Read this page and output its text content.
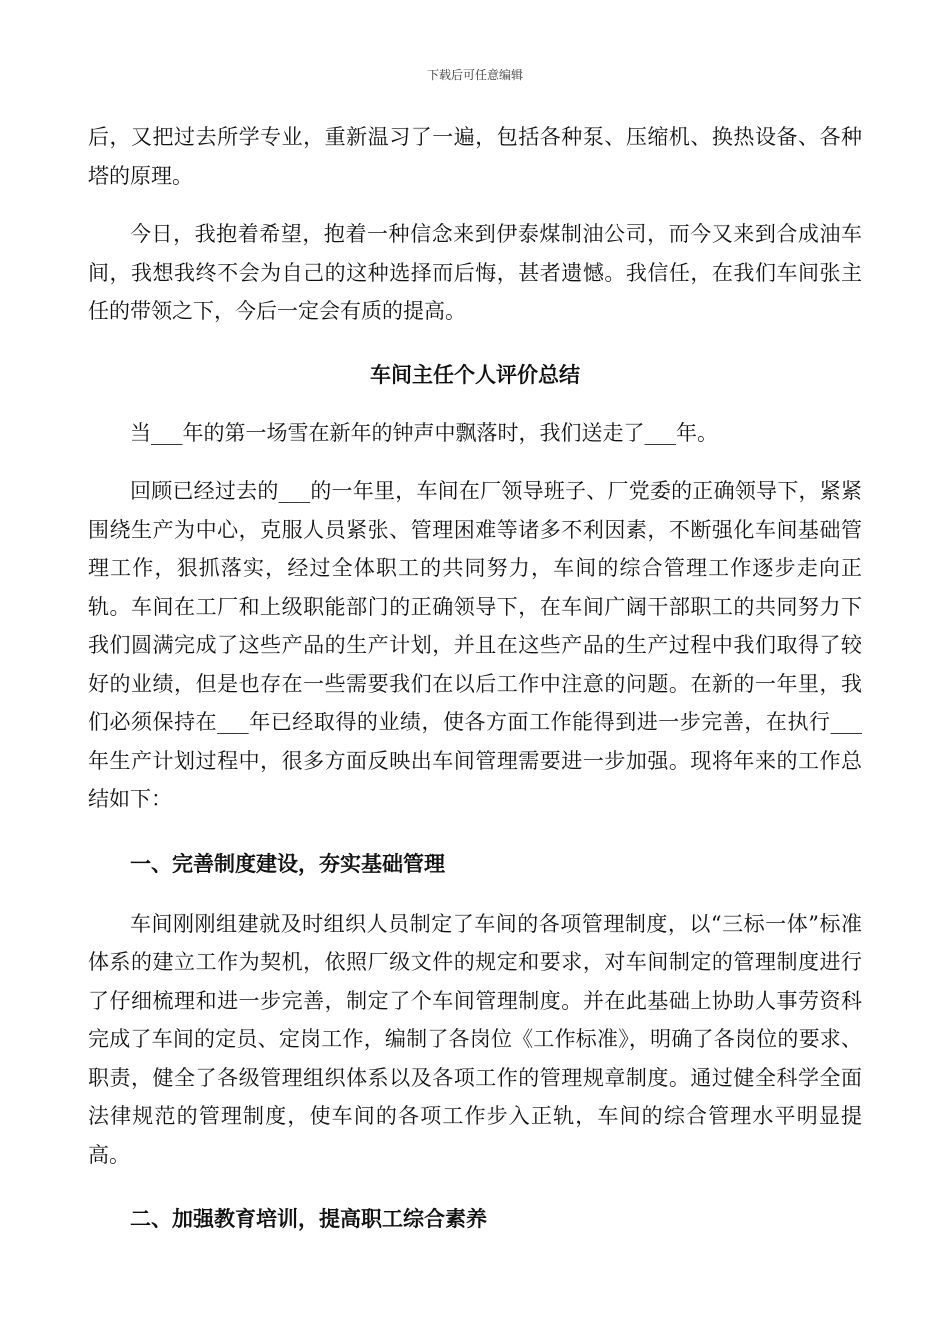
下载后可任意编辑

后，又把过去所学专业，重新温习了一遍，包括各种泵、压缩机、换热设备、各种塔的原理。

今日，我抱着希望，抱着一种信念来到伊泰煤制油公司，而今又来到合成油车间，我想我终不会为自己的这种选择而后悔，甚者遗憾。我信任，在我们车间张主任的带领之下，今后一定会有质的提高。

车间主任个人评价总结

当___年的第一场雪在新年的钟声中飘落时，我们送走了___年。

回顾已经过去的___的一年里，车间在厂领导班子、厂党委的正确领导下，紧紧围绕生产为中心，克服人员紧张、管理困难等诸多不利因素，不断强化车间基础管理工作，狠抓落实，经过全体职工的共同努力，车间的综合管理工作逐步走向正轨。车间在工厂和上级职能部门的正确领导下，在车间广阔干部职工的共同努力下我们圆满完成了这些产品的生产计划，并且在这些产品的生产过程中我们取得了较好的业绩，但是也存在一些需要我们在以后工作中注意的问题。在新的一年里，我们必须保持在___年已经取得的业绩，使各方面工作能得到进一步完善，在执行___年生产计划过程中，很多方面反映出车间管理需要进一步加强。现将年来的工作总结如下：

一、完善制度建设，夯实基础管理

车间刚刚组建就及时组织人员制定了车间的各项管理制度，以“三标一体”标准体系的建立工作为契机，依照厂级文件的规定和要求，对车间制定的管理制度进行了仔细梳理和进一步完善，制定了个车间管理制度。并在此基础上协助人事劳资科完成了车间的定员、定岗工作，编制了各岗位《工作标准》，明确了各岗位的要求、职责，健全了各级管理组织体系以及各项工作的管理规章制度。通过健全科学全面法律规范的管理制度，使车间的各项工作步入正轨，车间的综合管理水平明显提高。

二、加强教育培训，提高职工综合素养
